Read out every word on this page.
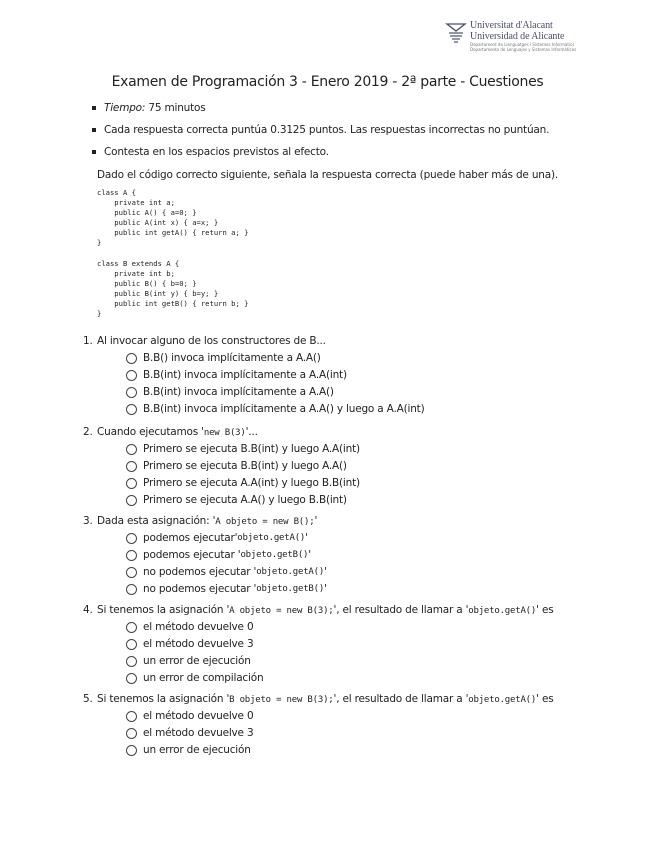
Universitat d'Alacant
Universidad de Alicante
Departament de Llenguatges i Sistemes Informàtics
Departamento de Lenguajes y Sistemas Informáticos
Examen de Programación 3 - Enero 2019 - 2ª parte - Cuestiones
Tiempo: 75 minutos
Cada respuesta correcta puntúa 0.3125 puntos. Las respuestas incorrectas no puntúan.
Contesta en los espacios previstos al efecto.
Dado el código correcto siguiente, señala la respuesta correcta (puede haber más de una).
class A {
private int a;
public A() { a=0; }
public A(int x) { a=x; }
public int getA() { return a; }
}
class B extends A {
private int b;
public B() { b=0; }
public B(int y) { b=y; }
public int getB() { return b; }
}
1. Al invocar alguno de los constructores de B...
B.B() invoca implícitamente a A.A()
B.B(int) invoca implícitamente a A.A(int)
B.B(int) invoca implícitamente a A.A()
B.B(int) invoca implícitamente a A.A() y luego a A.A(int)
2. Cuando ejecutamos 'new B(3)'...
Primero se ejecuta B.B(int) y luego A.A(int)
Primero se ejecuta B.B(int) y luego A.A()
Primero se ejecuta A.A(int) y luego B.B(int)
Primero se ejecuta A.A() y luego B.B(int)
3. Dada esta asignación: 'A objeto = new B();'
podemos ejecutar' objeto.getA() '
podemos ejecutar ' objeto.getB() '
no podemos ejecutar ' objeto.getA() '
no podemos ejecutar ' objeto.getB() '
4. Si tenemos la asignación 'A objeto = new B(3);', el resultado de llamar a 'objeto.getA()' es
el método devuelve 0
el método devuelve 3
un error de ejecución
un error de compilación
5. Si tenemos la asignación 'B objeto = new B(3);', el resultado de llamar a 'objeto.getA()' es
el método devuelve 0
el método devuelve 3
un error de ejecución
